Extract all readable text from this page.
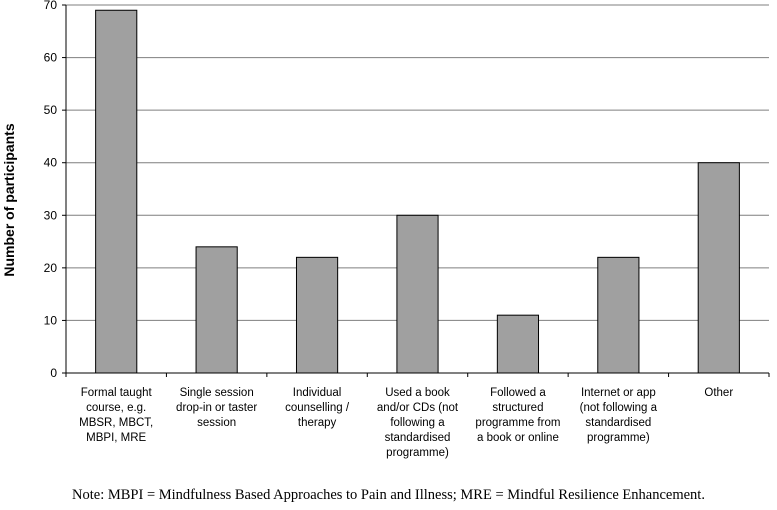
0
10
20
30
40
50
60
70
Formal taught course, e.g. MBSR, MBCT, MBPI, MRE
Single session drop-in or taster session
Individual counselling / therapy
Used a book and/or CDs (not following a standardised programme)
Followed a structured programme from a book or online
Internet or app (not following a standardised programme)
Other
Number of participants
Note: MBPI = Mindfulness Based Approaches to Pain and Illness; MRE = Mindful Resilience Enhancement.
